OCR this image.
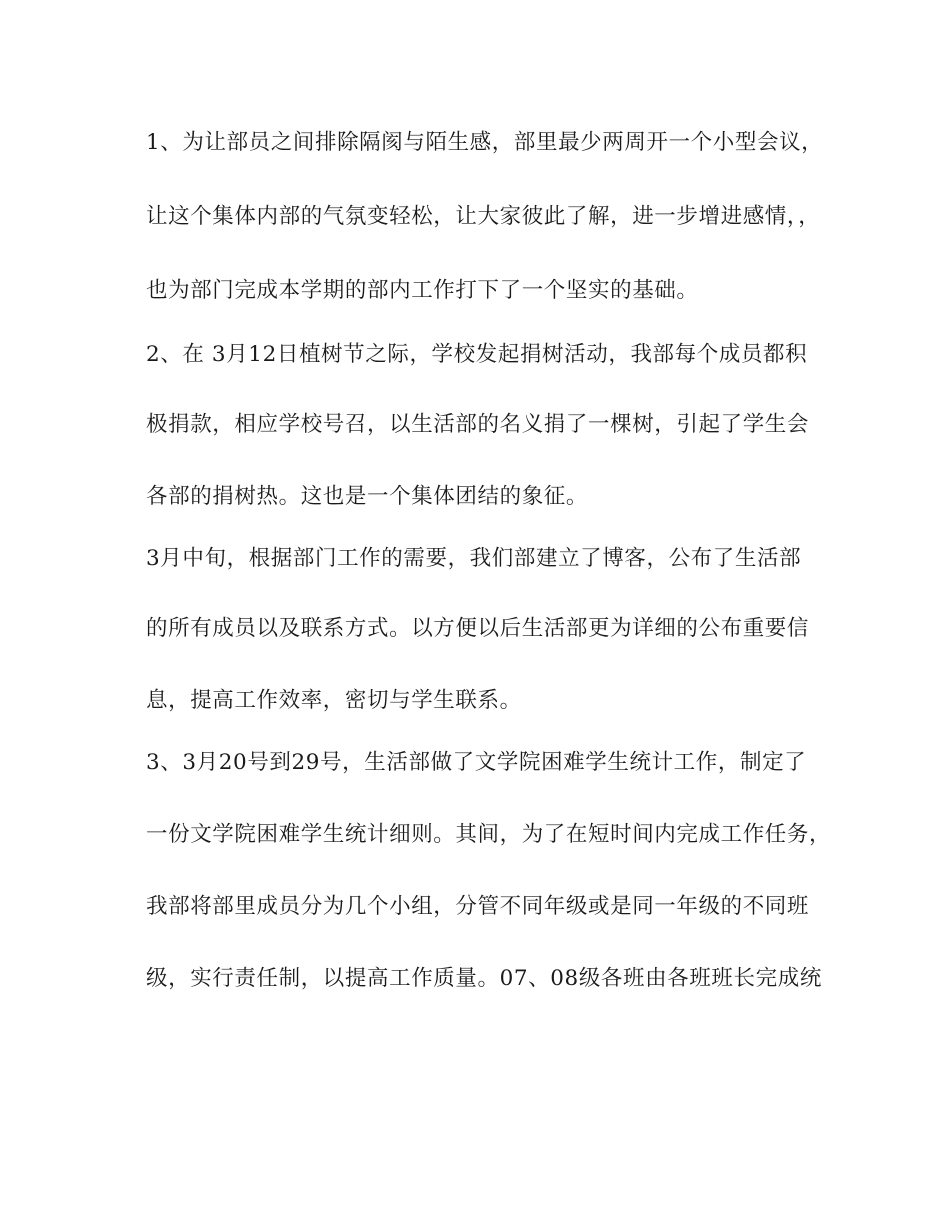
1、为让部员之间排除隔阂与陌生感，部里最少两周开一个小型会议，

让这个集体内部的气氛变轻松，让大家彼此了解，进一步增进感情，，

也为部门完成本学期的部内工作打下了一个坚实的基础。

2、在 3月12日植树节之际，学校发起捐树活动，我部每个成员都积

极捐款，相应学校号召，以生活部的名义捐了一棵树，引起了学生会

各部的捐树热。这也是一个集体团结的象征。

3月中旬，根据部门工作的需要，我们部建立了博客，公布了生活部

的所有成员以及联系方式。以方便以后生活部更为详细的公布重要信

息，提高工作效率，密切与学生联系。

3、3月20号到29号，生活部做了文学院困难学生统计工作，制定了

一份文学院困难学生统计细则。其间，为了在短时间内完成工作任务，

我部将部里成员分为几个小组，分管不同年级或是同一年级的不同班

级，实行责任制，以提高工作质量。07、08级各班由各班班长完成统
